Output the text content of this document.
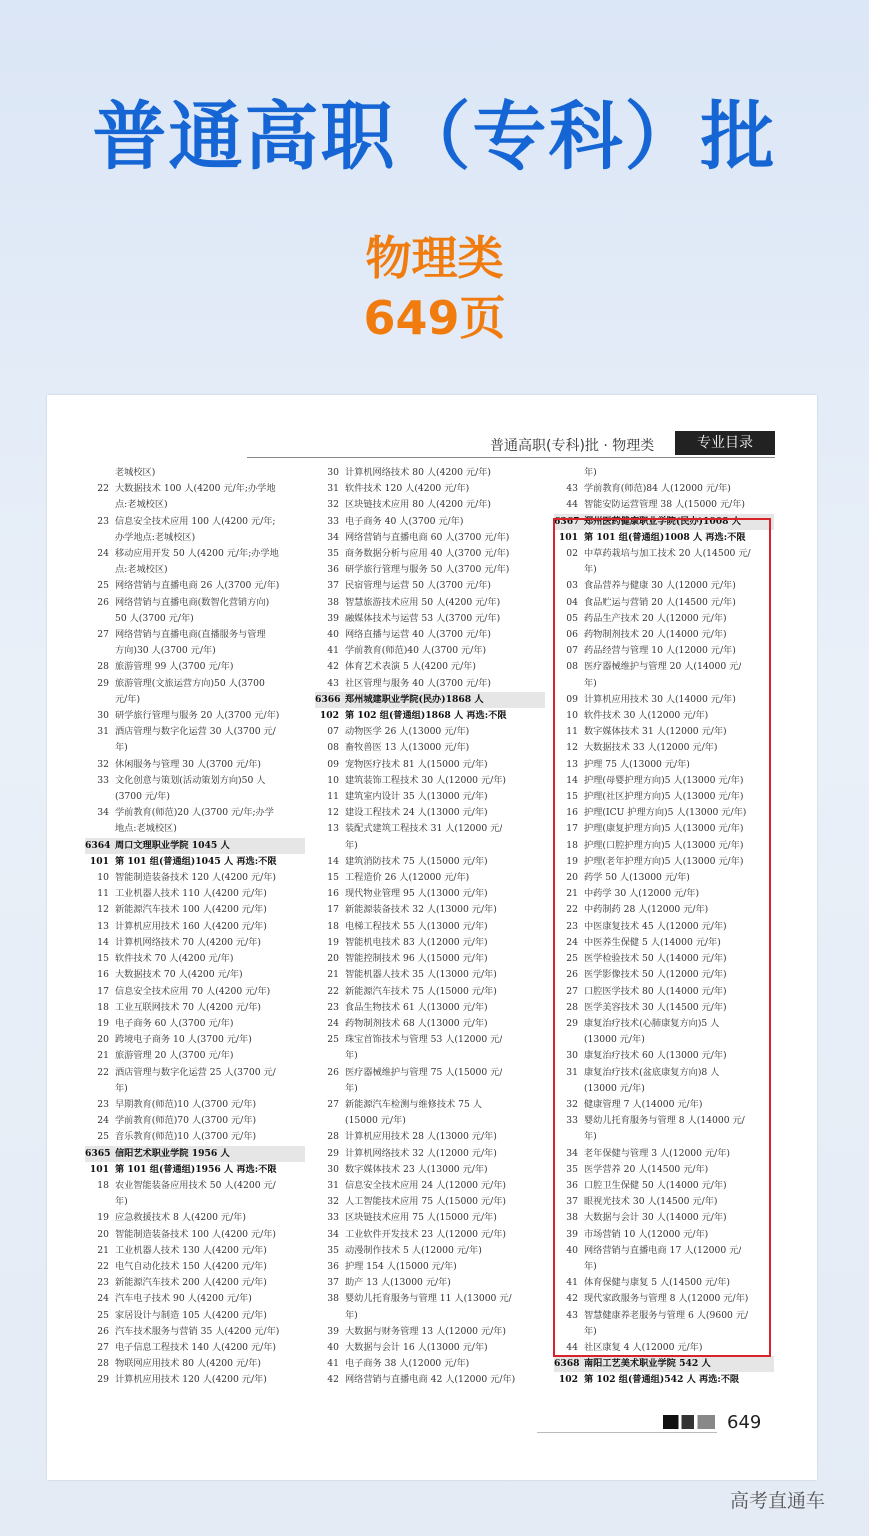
普通高职（专科）批
物理类
649页
普通高职(专科)批 · 物理类	专业目录
老城校区)
22 大数据技术 100 人(4200 元/年;办学地
点:老城校区)
23 信息安全技术应用 100 人(4200 元/年;
办学地点:老城校区)
24 移动应用开发 50 人(4200 元/年;办学地
点:老城校区)
25 网络营销与直播电商 26 人(3700 元/年)
26 网络营销与直播电商(数智化营销方向)
50 人(3700 元/年)
27 网络营销与直播电商(直播服务与管理
方向)30 人(3700 元/年)
28 旅游管理 99 人(3700 元/年)
29 旅游管理(文旅运营方向)50 人(3700
元/年)
30 研学旅行管理与服务 20 人(3700 元/年)
31 酒店管理与数字化运营 30 人(3700 元/
年)
32 休闲服务与管理 30 人(3700 元/年)
33 文化创意与策划(活动策划方向)50 人
(3700 元/年)
34 学前教育(师范)20 人(3700 元/年;办学
地点:老城校区)
6364 周口文理职业学院 1045 人
101 第 101 组(普通组)1045 人 再选:不限
10 智能制造装备技术 120 人(4200 元/年)
11 工业机器人技术 110 人(4200 元/年)
12 新能源汽车技术 100 人(4200 元/年)
13 计算机应用技术 160 人(4200 元/年)
14 计算机网络技术 70 人(4200 元/年)
15 软件技术 70 人(4200 元/年)
16 大数据技术 70 人(4200 元/年)
17 信息安全技术应用 70 人(4200 元/年)
18 工业互联网技术 70 人(4200 元/年)
19 电子商务 60 人(3700 元/年)
20 跨境电子商务 10 人(3700 元/年)
21 旅游管理 20 人(3700 元/年)
22 酒店管理与数字化运营 25 人(3700 元/
年)
23 早期教育(师范)10 人(3700 元/年)
24 学前教育(师范)70 人(3700 元/年)
25 音乐教育(师范)10 人(3700 元/年)
6365 信阳艺术职业学院 1956 人
101 第 101 组(普通组)1956 人 再选:不限
18 农业智能装备应用技术 50 人(4200 元/
年)
19 应急救援技术 8 人(4200 元/年)
20 智能制造装备技术 100 人(4200 元/年)
21 工业机器人技术 130 人(4200 元/年)
22 电气自动化技术 150 人(4200 元/年)
23 新能源汽车技术 200 人(4200 元/年)
24 汽车电子技术 90 人(4200 元/年)
25 家居设计与制造 105 人(4200 元/年)
26 汽车技术服务与营销 35 人(4200 元/年)
27 电子信息工程技术 140 人(4200 元/年)
28 物联网应用技术 80 人(4200 元/年)
29 计算机应用技术 120 人(4200 元/年)
30 计算机网络技术 80 人(4200 元/年)
31 软件技术 120 人(4200 元/年)
32 区块链技术应用 80 人(4200 元/年)
33 电子商务 40 人(3700 元/年)
34 网络营销与直播电商 60 人(3700 元/年)
35 商务数据分析与应用 40 人(3700 元/年)
36 研学旅行管理与服务 50 人(3700 元/年)
37 民宿管理与运营 50 人(3700 元/年)
38 智慧旅游技术应用 50 人(4200 元/年)
39 融媒体技术与运营 53 人(3700 元/年)
40 网络直播与运营 40 人(3700 元/年)
41 学前教育(师范)40 人(3700 元/年)
42 体育艺术表演 5 人(4200 元/年)
43 社区管理与服务 40 人(3700 元/年)
6366 郑州城建职业学院(民办)1868 人
102 第 102 组(普通组)1868 人 再选:不限
07 动物医学 26 人(13000 元/年)
08 畜牧兽医 13 人(13000 元/年)
09 宠物医疗技术 81 人(15000 元/年)
10 建筑装饰工程技术 30 人(12000 元/年)
11 建筑室内设计 35 人(13000 元/年)
12 建设工程技术 24 人(13000 元/年)
13 装配式建筑工程技术 31 人(12000 元/
年)
14 建筑消防技术 75 人(15000 元/年)
15 工程造价 26 人(12000 元/年)
16 现代物业管理 95 人(13000 元/年)
17 新能源装备技术 32 人(13000 元/年)
18 电梯工程技术 55 人(13000 元/年)
19 智能机电技术 83 人(12000 元/年)
20 智能控制技术 96 人(15000 元/年)
21 智能机器人技术 35 人(13000 元/年)
22 新能源汽车技术 75 人(15000 元/年)
23 食品生物技术 61 人(13000 元/年)
24 药物制剂技术 68 人(13000 元/年)
25 珠宝首饰技术与管理 53 人(12000 元/
年)
26 医疗器械维护与管理 75 人(15000 元/
年)
27 新能源汽车检测与维修技术 75 人
(15000 元/年)
28 计算机应用技术 28 人(13000 元/年)
29 计算机网络技术 32 人(12000 元/年)
30 数字媒体技术 23 人(13000 元/年)
31 信息安全技术应用 24 人(12000 元/年)
32 人工智能技术应用 75 人(15000 元/年)
33 区块链技术应用 75 人(15000 元/年)
34 工业软件开发技术 23 人(12000 元/年)
35 动漫制作技术 5 人(12000 元/年)
36 护理 154 人(15000 元/年)
37 助产 13 人(13000 元/年)
38 婴幼儿托育服务与管理 11 人(13000 元/
年)
39 大数据与财务管理 13 人(12000 元/年)
40 大数据与会计 16 人(13000 元/年)
41 电子商务 38 人(12000 元/年)
42 网络营销与直播电商 42 人(12000 元/年)
年)
43 学前教育(师范)84 人(12000 元/年)
44 智能安防运营管理 38 人(15000 元/年)
6367 郑州医药健康职业学院(民办)1008 人
101 第 101 组(普通组)1008 人 再选:不限
02 中草药栽培与加工技术 20 人(14500 元/
年)
03 食品营养与健康 30 人(12000 元/年)
04 食品贮运与营销 20 人(14500 元/年)
05 药品生产技术 20 人(12000 元/年)
06 药物制剂技术 20 人(14000 元/年)
07 药品经营与管理 10 人(12000 元/年)
08 医疗器械维护与管理 20 人(14000 元/
年)
09 计算机应用技术 30 人(14000 元/年)
10 软件技术 30 人(12000 元/年)
11 数字媒体技术 31 人(12000 元/年)
12 大数据技术 33 人(12000 元/年)
13 护理 75 人(13000 元/年)
14 护理(母婴护理方向)5 人(13000 元/年)
15 护理(社区护理方向)5 人(13000 元/年)
16 护理(ICU 护理方向)5 人(13000 元/年)
17 护理(康复护理方向)5 人(13000 元/年)
18 护理(口腔护理方向)5 人(13000 元/年)
19 护理(老年护理方向)5 人(13000 元/年)
20 药学 50 人(13000 元/年)
21 中药学 30 人(12000 元/年)
22 中药制药 28 人(12000 元/年)
23 中医康复技术 45 人(12000 元/年)
24 中医养生保健 5 人(14000 元/年)
25 医学检验技术 50 人(14000 元/年)
26 医学影像技术 50 人(12000 元/年)
27 口腔医学技术 80 人(14000 元/年)
28 医学美容技术 30 人(14500 元/年)
29 康复治疗技术(心肺康复方向)5 人
(13000 元/年)
30 康复治疗技术 60 人(13000 元/年)
31 康复治疗技术(盆底康复方向)8 人
(13000 元/年)
32 健康管理 7 人(14000 元/年)
33 婴幼儿托育服务与管理 8 人(14000 元/
年)
34 老年保健与管理 3 人(12000 元/年)
35 医学营养 20 人(14500 元/年)
36 口腔卫生保健 50 人(14000 元/年)
37 眼视光技术 30 人(14500 元/年)
38 大数据与会计 30 人(14000 元/年)
39 市场营销 10 人(12000 元/年)
40 网络营销与直播电商 17 人(12000 元/
年)
41 体育保健与康复 5 人(14500 元/年)
42 现代家政服务与管理 8 人(12000 元/年)
43 智慧健康养老服务与管理 6 人(9600 元/
年)
44 社区康复 4 人(12000 元/年)
6368 南阳工艺美术职业学院 542 人
102 第 102 组(普通组)542 人 再选:不限
649
高考直通车
